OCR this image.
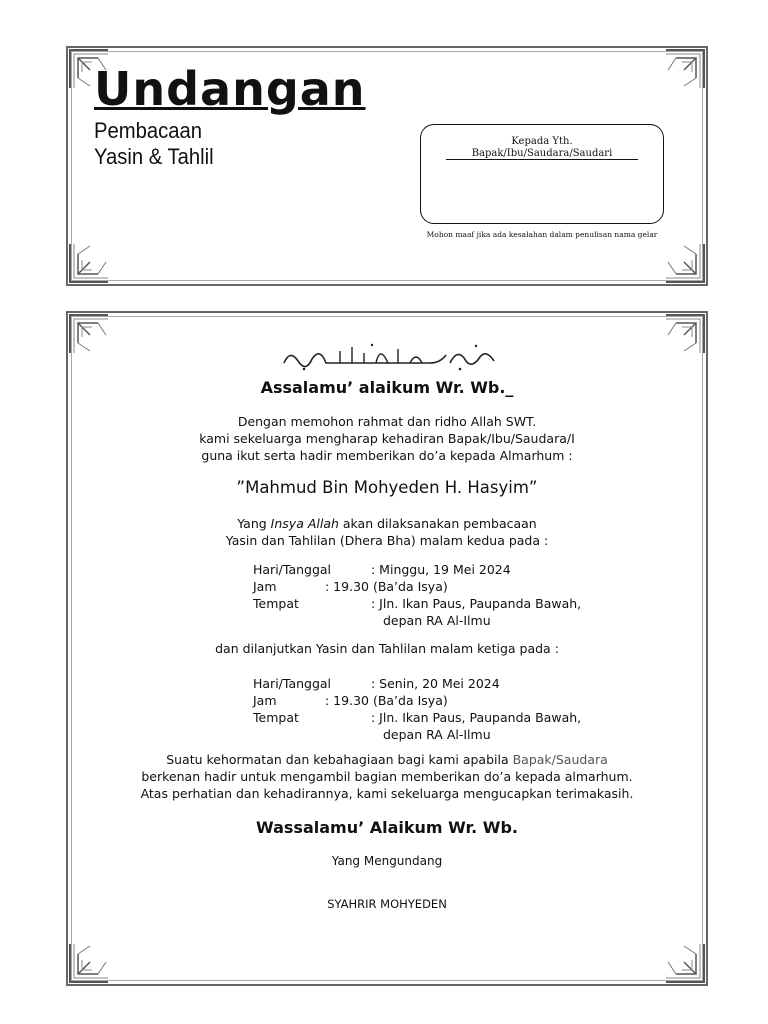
Undangan
Pembacaan
Yasin & Tahlil
Kepada Yth.
Bapak/Ibu/Saudara/Saudari
Mohon maaf jika ada kesalahan dalam penulisan nama gelar
Assalamu’ alaikum Wr. Wb._
Dengan memohon rahmat dan ridho Allah SWT.
kami sekeluarga mengharap kehadiran Bapak/Ibu/Saudara/I
guna ikut serta hadir memberikan do’a kepada Almarhum :
”Mahmud Bin Mohyeden H. Hasyim”
Yang Insya Allah akan dilaksanakan pembacaan
Yasin dan Tahlilan (Dhera Bha) malam kedua pada :
Hari/Tanggal	: Minggu, 19 Mei 2024
Jam	: 19.30 (Ba’da Isya)
Tempat	: Jln. Ikan Paus, Paupanda Bawah,
depan RA Al-Ilmu
dan dilanjutkan Yasin dan Tahlilan malam ketiga pada :
Hari/Tanggal	: Senin, 20 Mei 2024
Jam	: 19.30 (Ba’da Isya)
Tempat	: Jln. Ikan Paus, Paupanda Bawah,
depan RA Al-Ilmu
Suatu kehormatan dan kebahagiaan bagi kami apabila Bapak/Saudara
berkenan hadir untuk mengambil bagian memberikan do’a kepada almarhum.
Atas perhatian dan kehadirannya, kami sekeluarga mengucapkan terimakasih.
Wassalamu’ Alaikum Wr. Wb.
Yang Mengundang
SYAHRIR MOHYEDEN
